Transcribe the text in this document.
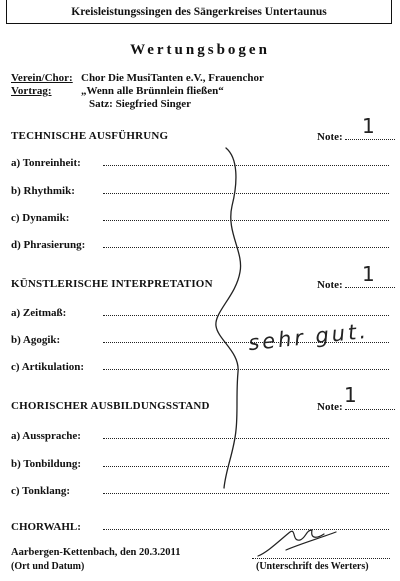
Kreisleistungssingen des Sängerkreises Untertaunus
Wertungsbogen
Verein/Chor: Chor Die MusiTanten e.V., Frauenchor
Vortrag:	„Wenn alle Brünnlein fließen“
Satz: Siegfried Singer
TECHNISCHE AUSFÜHRUNG	Note: 1
a) Tonreinheit:
b) Rhythmik:
c) Dynamik:
d) Phrasierung:
KÜNSTLERISCHE INTERPRETATION	Note: 1
a) Zeitmaß:
b) Agogik:
c) Artikulation:
CHORISCHER AUSBILDUNGSSTAND	Note: 1
a) Aussprache:
b) Tonbildung:
c) Tonklang:
CHORWAHL:
Aarbergen-Kettenbach, den 20.3.2011
(Ort und Datum)	(Unterschrift des Werters)
sehr gut.
